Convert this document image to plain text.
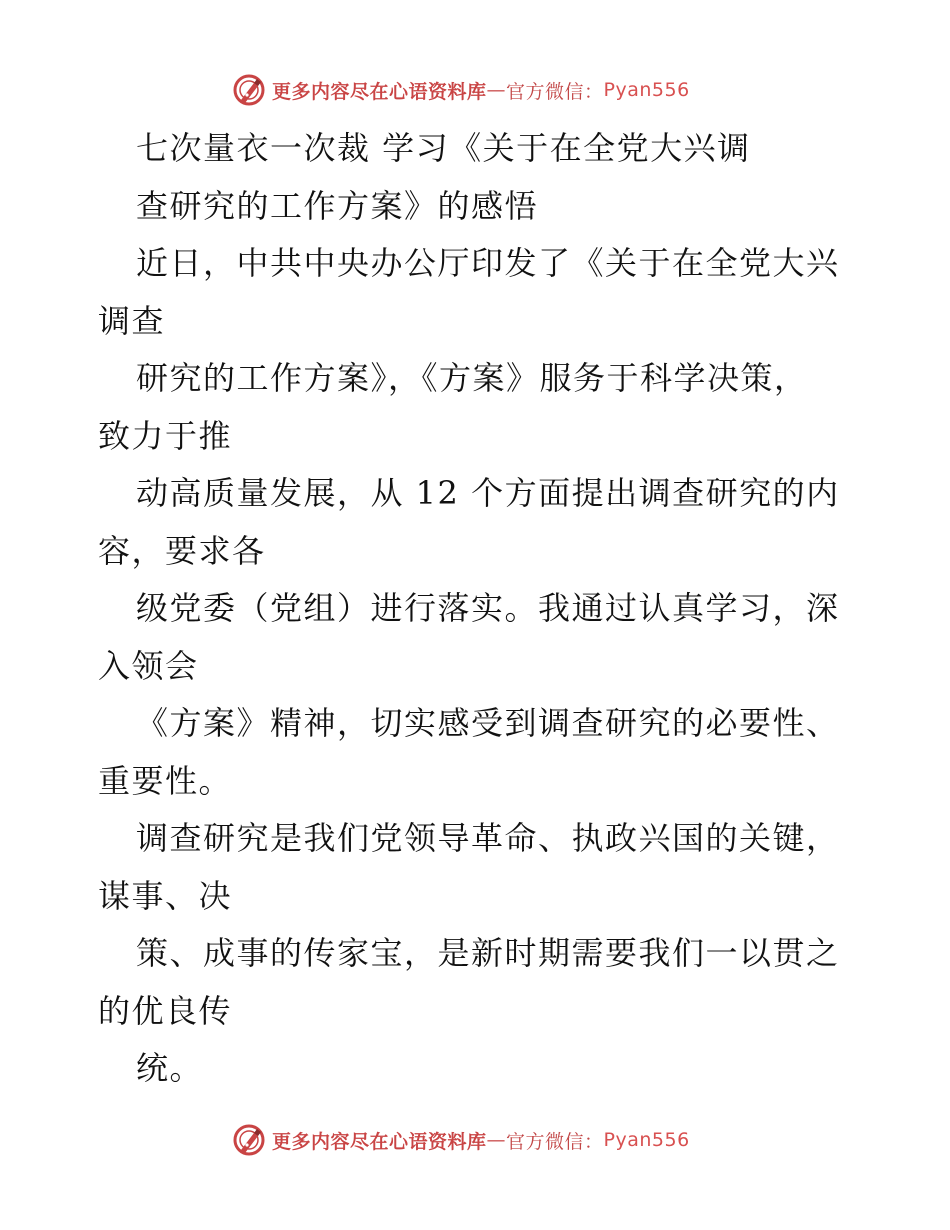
更多内容尽在心语资料库 — 官方微信： Pyan556
七次量衣一次裁 学习《关于在全党大兴调
查研究的工作方案》的感悟
近日，中共中央办公厅印发了《关于在全党大兴
调查
研究的工作方案》，《方案》服务于科学决策，
致力于推
动高质量发展，从 12 个方面提出调查研究的内
容，要求各
级党委（党组）进行落实。我通过认真学习，深
入领会
《方案》精神，切实感受到调查研究的必要性、
重要性。
调查研究是我们党领导革命、执政兴国的关键，
谋事、决
策、成事的传家宝，是新时期需要我们一以贯之
的优良传
统。
更多内容尽在心语资料库 — 官方微信： Pyan556
